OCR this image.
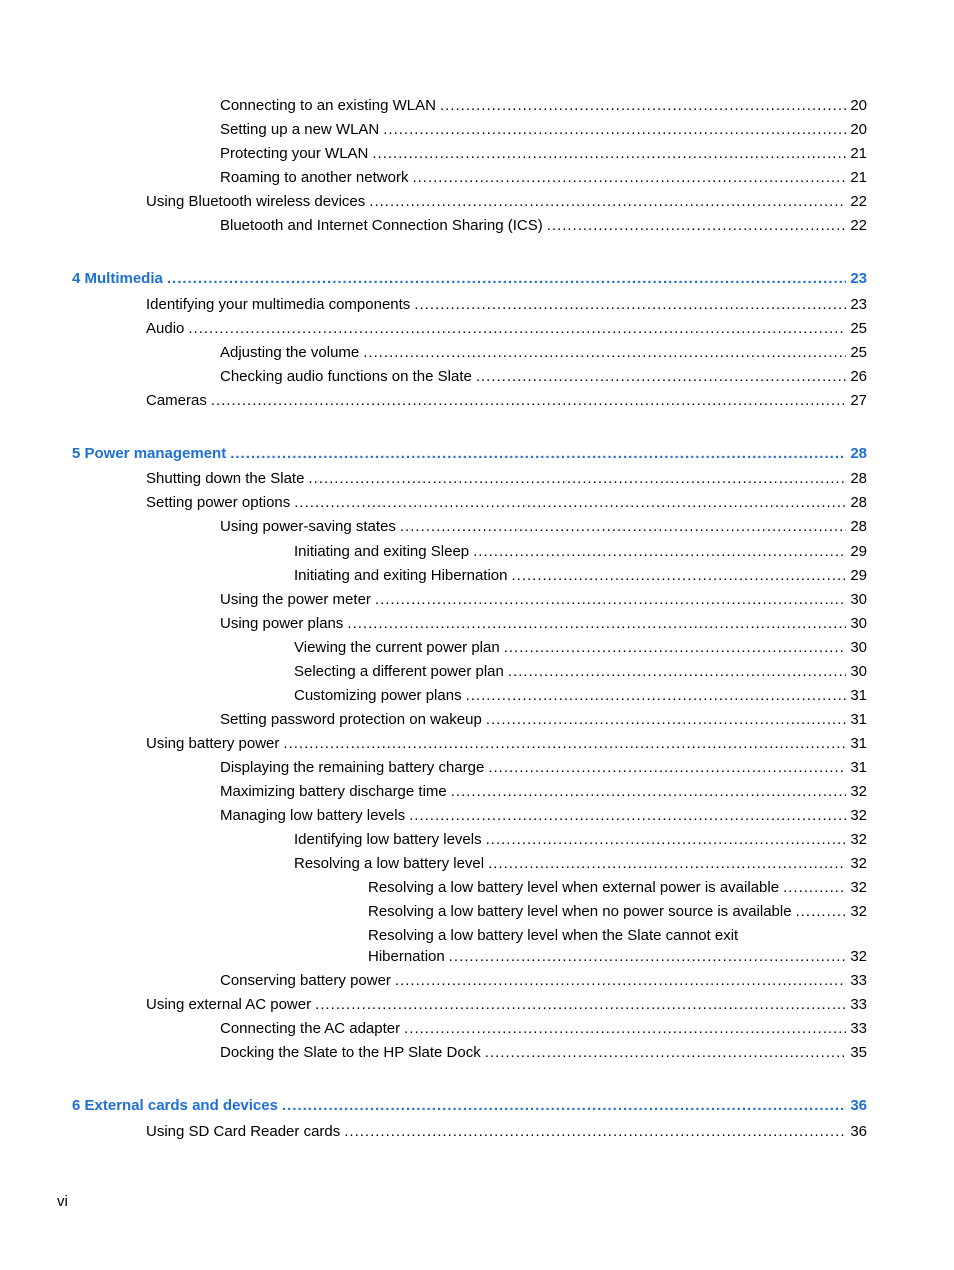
Connecting to an existing WLAN .....	20
Setting up a new WLAN .....	20
Protecting your WLAN .....	21
Roaming to another network .....	21
Using Bluetooth wireless devices .....	22
Bluetooth and Internet Connection Sharing (ICS) .....	22
4 Multimedia .....	23
Identifying your multimedia components .....	23
Audio .....	25
Adjusting the volume .....	25
Checking audio functions on the Slate .....	26
Cameras .....	27
5 Power management .....	28
Shutting down the Slate .....	28
Setting power options .....	28
Using power-saving states .....	28
Initiating and exiting Sleep .....	29
Initiating and exiting Hibernation .....	29
Using the power meter .....	30
Using power plans .....	30
Viewing the current power plan .....	30
Selecting a different power plan .....	30
Customizing power plans .....	31
Setting password protection on wakeup .....	31
Using battery power .....	31
Displaying the remaining battery charge .....	31
Maximizing battery discharge time .....	32
Managing low battery levels .....	32
Identifying low battery levels .....	32
Resolving a low battery level .....	32
Resolving a low battery level when external power is available .....	32
Resolving a low battery level when no power source is available .....	32
Resolving a low battery level when the Slate cannot exit
Hibernation .....	32
Conserving battery power .....	33
Using external AC power .....	33
Connecting the AC adapter .....	33
Docking the Slate to the HP Slate Dock .....	35
6 External cards and devices .....	36
Using SD Card Reader cards .....	36
vi
